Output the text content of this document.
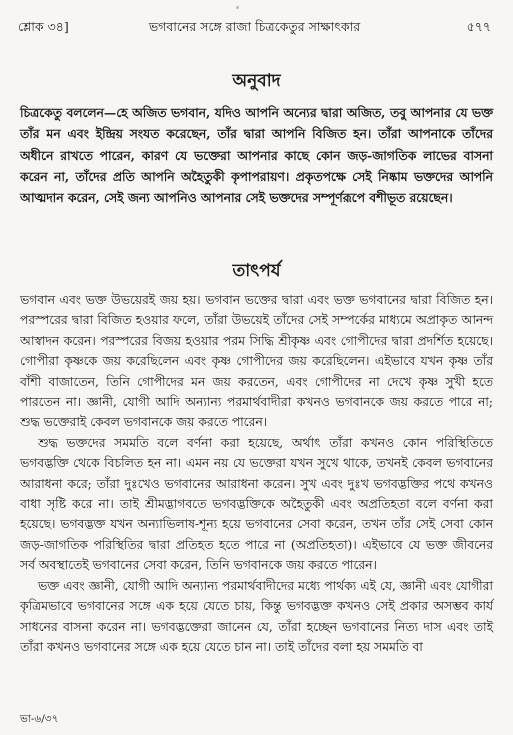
শ্লোক ৩৪]	ভগবানের সঙ্গে রাজা চিত্রকেতুর সাক্ষাৎকার	৫৭৭
অনুবাদ
চিত্রকেতু বললেন—হে অজিত ভগবান, যদিও আপনি অন্যের দ্বারা অজিত, তবু আপনার যে ভক্ত তাঁর মন এবং ইন্দ্রিয় সংযত করেছেন, তাঁর দ্বারা আপনি বিজিত হন। তাঁরা আপনাকে তাঁদের অধীনে রাখতে পারেন, কারণ যে ভক্তেরা আপনার কাছে কোন জড়-জাগতিক লাভের বাসনা করেন না, তাঁদের প্রতি আপনি অহৈতুকী কৃপাপরায়ণ। প্রকৃতপক্ষে সেই নিষ্কাম ভক্তদের আপনি আত্মদান করেন, সেই জন্য আপনিও আপনার সেই ভক্তদের সম্পূর্ণরূপে বশীভূত রয়েছেন।
তাৎপর্য

ভগবান এবং ভক্ত উভয়েরই জয় হয়। ভগবান ভক্তের দ্বারা এবং ভক্ত ভগবানের দ্বারা বিজিত হন। পরস্পরের দ্বারা বিজিত হওয়ার ফলে, তাঁরা উভয়েই তাঁদের সেই সম্পর্কের মাধ্যমে অপ্রাকৃত আনন্দ আস্বাদন করেন। পরস্পরের বিজয় হওয়ার পরম সিদ্ধি শ্রীকৃষ্ণ এবং গোপীদের দ্বারা প্রদর্শিত হয়েছে। গোপীরা কৃষ্ণকে জয় করেছিলেন এবং কৃষ্ণ গোপীদের জয় করেছিলেন। এইভাবে যখন কৃষ্ণ তাঁর বাঁশী বাজাতেন, তিনি গোপীদের মন জয় করতেন, এবং গোপীদের না দেখে কৃষ্ণ সুখী হতে পারতেন না। জ্ঞানী, যোগী আদি অন্যান্য পরমার্থবাদীরা কখনও ভগবানকে জয় করতে পারে না; শুদ্ধ ভক্তেরাই কেবল ভগবানকে জয় করতে পারেন।

শুদ্ধ ভক্তদের সমমতি বলে বর্ণনা করা হয়েছে, অর্থাৎ তাঁরা কখনও কোন পরিস্থিতিতে ভগবদ্ভক্তি থেকে বিচলিত হন না। এমন নয় যে ভক্তেরা যখন সুখে থাকে, তখনই কেবল ভগবানের আরাধনা করে; তাঁরা দুঃখেও ভগবানের আরাধনা করেন। সুখ এবং দুঃখ ভগবদ্ভক্তির পথে কখনও বাধা সৃষ্টি করে না। তাই শ্রীমদ্ভাগবতে ভগবদ্ভক্তিকে অহৈতুকী এবং অপ্রতিহতা বলে বর্ণনা করা হয়েছে। ভগবদ্ভক্ত যখন অন্যাভিলাষ-শূন্য হয়ে ভগবানের সেবা করেন, তখন তাঁর সেই সেবা কোন জড়-জাগতিক পরিস্থিতির দ্বারা প্রতিহত হতে পারে না (অপ্রতিহতা)। এইভাবে যে ভক্ত জীবনের সর্ব অবস্থাতেই ভগবানের সেবা করেন, তিনি ভগবানকে জয় করতে পারেন।

ভক্ত এবং জ্ঞানী, যোগী আদি অন্যান্য পরমার্থবাদীদের মধ্যে পার্থক্য এই যে, জ্ঞানী এবং যোগীরা কৃত্রিমভাবে ভগবানের সঙ্গে এক হয়ে যেতে চায়, কিন্তু ভগবদ্ভক্ত কখনও সেই প্রকার অসম্ভব কার্য সাধনের বাসনা করেন না। ভগবদ্ভক্তেরা জানেন যে, তাঁরা হচ্ছেন ভগবানের নিত্য দাস এবং তাই তাঁরা কখনও ভগবানের সঙ্গে এক হয়ে যেতে চান না। তাই তাঁদের বলা হয় সমমতি বা

ভা-৬/৩৭
